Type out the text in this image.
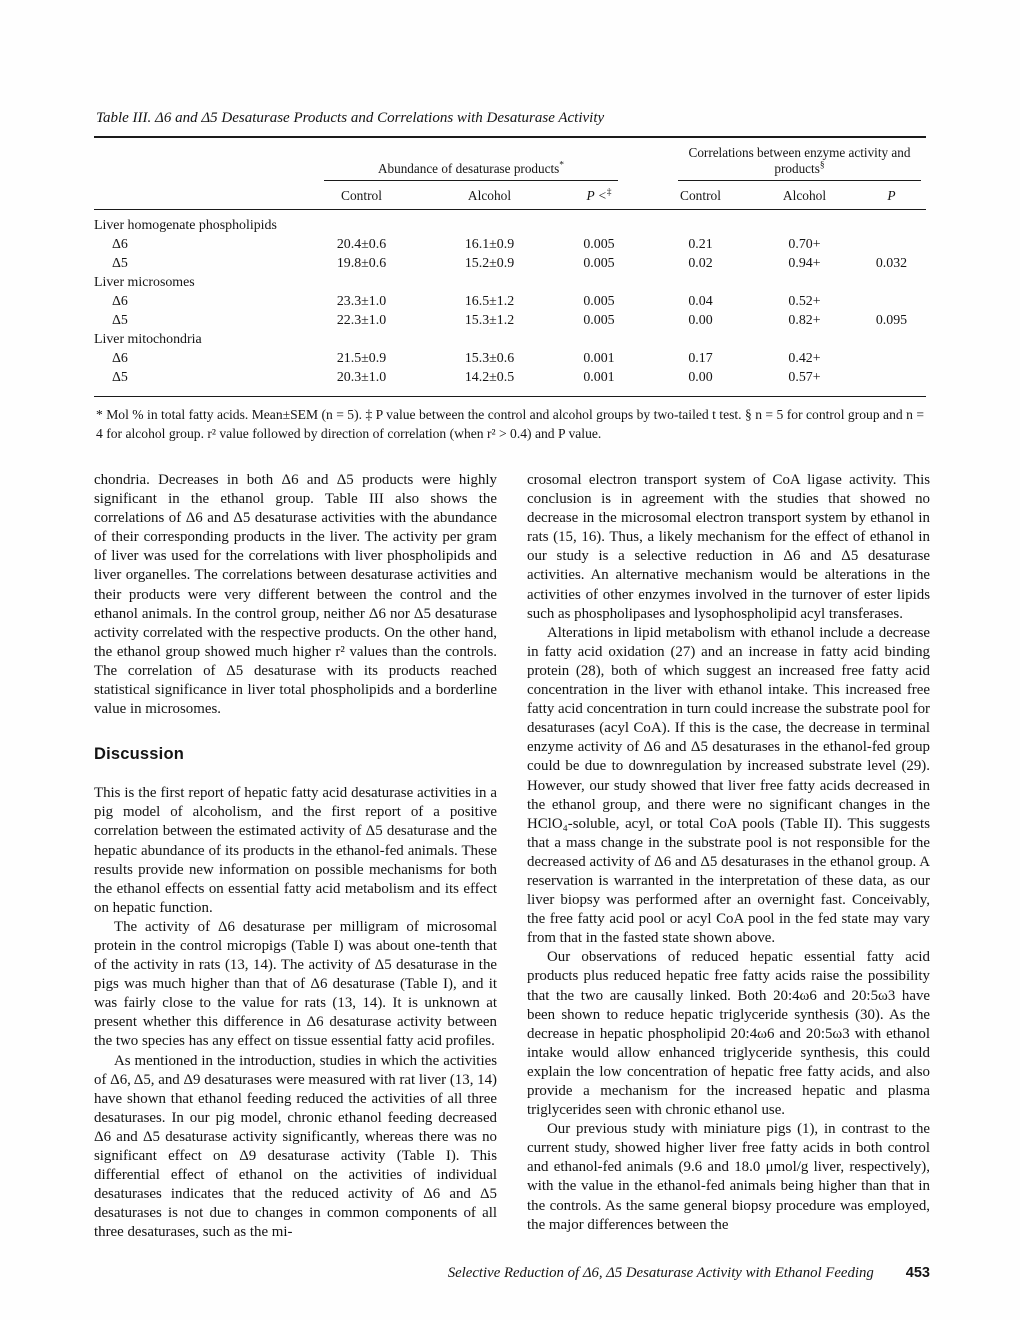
Table III. Δ6 and Δ5 Desaturase Products and Correlations with Desaturase Activity

	Abundance of desaturase products*			Correlations between enzyme activity and products§

	Control	Alcohol	P <‡	Control	Alcohol	P
Liver homogenate phospholipids						
Δ6	20.4±0.6	16.1±0.9	0.005	0.21	0.70+	
Δ5	19.8±0.6	15.2±0.9	0.005	0.02	0.94+	0.032
Liver microsomes						
Δ6	23.3±1.0	16.5±1.2	0.005	0.04	0.52+	
Δ5	22.3±1.0	15.3±1.2	0.005	0.00	0.82+	0.095
Liver mitochondria						
Δ6	21.5±0.9	15.3±0.6	0.001	0.17	0.42+	
Δ5	20.3±1.0	14.2±0.5	0.001	0.00	0.57+	

* Mol % in total fatty acids. Mean±SEM (n = 5). ‡ P value between the control and alcohol groups by two-tailed t test. § n = 5 for control group and n = 4 for alcohol group. r² value followed by direction of correlation (when r² > 0.4) and P value.

chondria. Decreases in both Δ6 and Δ5 products were highly significant in the ethanol group. Table III also shows the correlations of Δ6 and Δ5 desaturase activities with the abundance of their corresponding products in the liver. The activity per gram of liver was used for the correlations with liver phospholipids and liver organelles. The correlations between desaturase activities and their products were very different between the control and the ethanol animals. In the control group, neither Δ6 nor Δ5 desaturase activity correlated with the respective products. On the other hand, the ethanol group showed much higher r² values than the controls. The correlation of Δ5 desaturase with its products reached statistical significance in liver total phospholipids and a borderline value in microsomes.

Discussion

This is the first report of hepatic fatty acid desaturase activities in a pig model of alcoholism, and the first report of a positive correlation between the estimated activity of Δ5 desaturase and the hepatic abundance of its products in the ethanol-fed animals. These results provide new information on possible mechanisms for both the ethanol effects on essential fatty acid metabolism and its effect on hepatic function.

The activity of Δ6 desaturase per milligram of microsomal protein in the control micropigs (Table I) was about one-tenth that of the activity in rats (13, 14). The activity of Δ5 desaturase in the pigs was much higher than that of Δ6 desaturase (Table I), and it was fairly close to the value for rats (13, 14). It is unknown at present whether this difference in Δ6 desaturase activity between the two species has any effect on tissue essential fatty acid profiles.

As mentioned in the introduction, studies in which the activities of Δ6, Δ5, and Δ9 desaturases were measured with rat liver (13, 14) have shown that ethanol feeding reduced the activities of all three desaturases. In our pig model, chronic ethanol feeding decreased Δ6 and Δ5 desaturase activity significantly, whereas there was no significant effect on Δ9 desaturase activity (Table I). This differential effect of ethanol on the activities of individual desaturases indicates that the reduced activity of Δ6 and Δ5 desaturases is not due to changes in common components of all three desaturases, such as the mi-

crosomal electron transport system of CoA ligase activity. This conclusion is in agreement with the studies that showed no decrease in the microsomal electron transport system by ethanol in rats (15, 16). Thus, a likely mechanism for the effect of ethanol in our study is a selective reduction in Δ6 and Δ5 desaturase activities. An alternative mechanism would be alterations in the activities of other enzymes involved in the turnover of ester lipids such as phospholipases and lysophospholipid acyl transferases.

Alterations in lipid metabolism with ethanol include a decrease in fatty acid oxidation (27) and an increase in fatty acid binding protein (28), both of which suggest an increased free fatty acid concentration in the liver with ethanol intake. This increased free fatty acid concentration in turn could increase the substrate pool for desaturases (acyl CoA). If this is the case, the decrease in terminal enzyme activity of Δ6 and Δ5 desaturases in the ethanol-fed group could be due to downregulation by increased substrate level (29). However, our study showed that liver free fatty acids decreased in the ethanol group, and there were no significant changes in the HClO₄-soluble, acyl, or total CoA pools (Table II). This suggests that a mass change in the substrate pool is not responsible for the decreased activity of Δ6 and Δ5 desaturases in the ethanol group. A reservation is warranted in the interpretation of these data, as our liver biopsy was performed after an overnight fast. Conceivably, the free fatty acid pool or acyl CoA pool in the fed state may vary from that in the fasted state shown above.

Our observations of reduced hepatic essential fatty acid products plus reduced hepatic free fatty acids raise the possibility that the two are causally linked. Both 20:4ω6 and 20:5ω3 have been shown to reduce hepatic triglyceride synthesis (30). As the decrease in hepatic phospholipid 20:4ω6 and 20:5ω3 with ethanol intake would allow enhanced triglyceride synthesis, this could explain the low concentration of hepatic free fatty acids, and also provide a mechanism for the increased hepatic and plasma triglycerides seen with chronic ethanol use.

Our previous study with miniature pigs (1), in contrast to the current study, showed higher liver free fatty acids in both control and ethanol-fed animals (9.6 and 18.0 μmol/g liver, respectively), with the value in the ethanol-fed animals being higher than that in the controls. As the same general biopsy procedure was employed, the major differences between the

Selective Reduction of Δ6, Δ5 Desaturase Activity with Ethanol Feeding 453
